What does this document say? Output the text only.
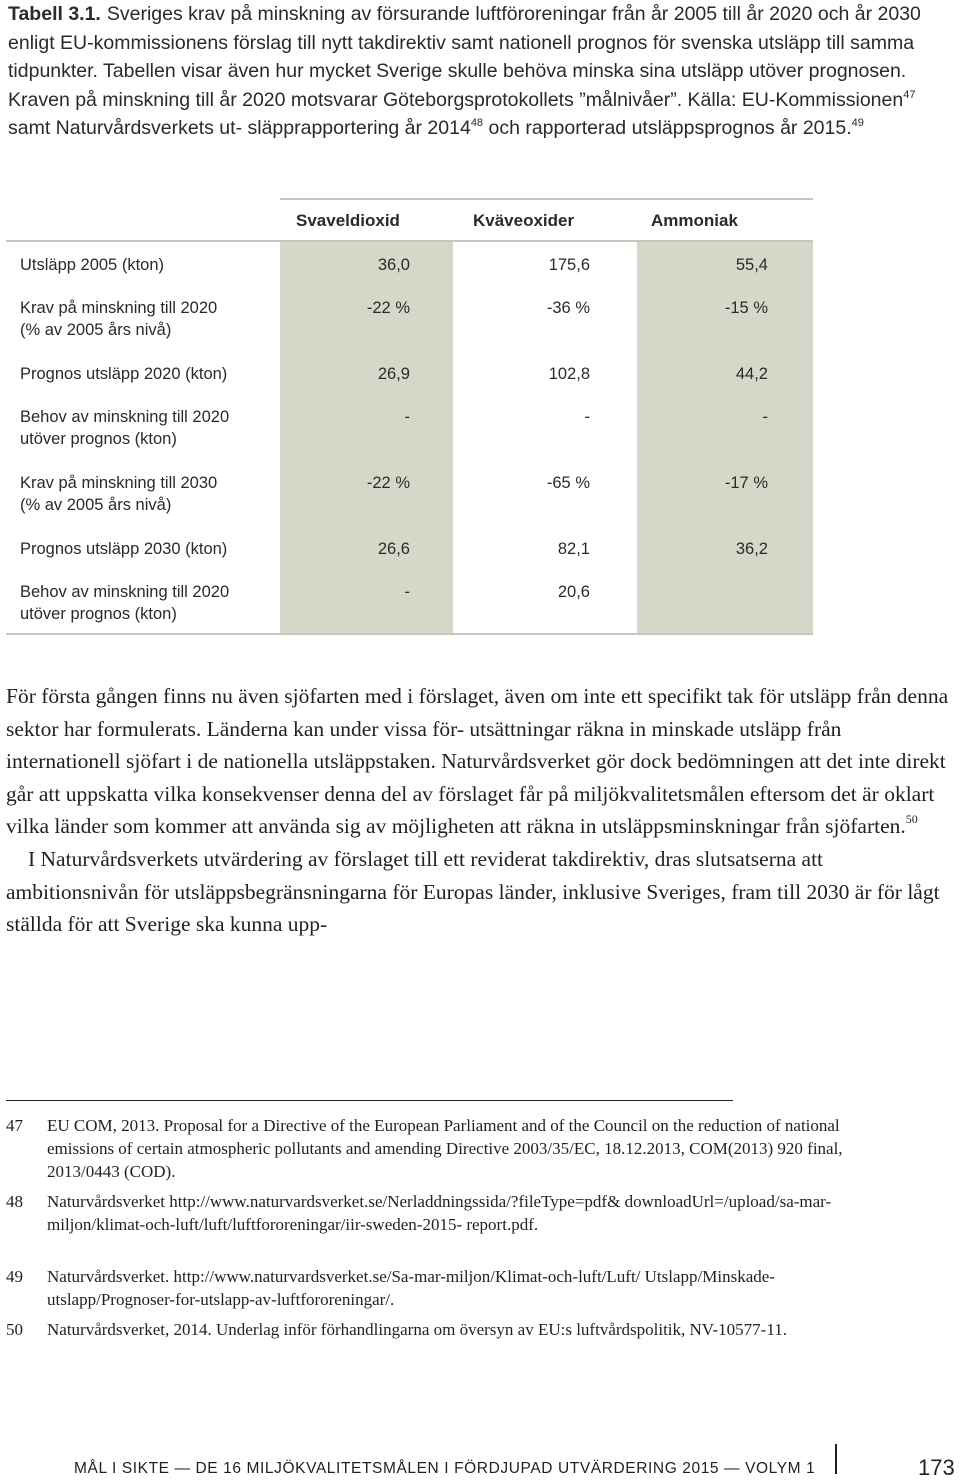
Tabell 3.1. Sveriges krav på minskning av försurande luftföroreningar från år 2005 till år 2020 och år 2030 enligt EU-kommissionens förslag till nytt takdirektiv samt nationell prognos för svenska utsläpp till samma tidpunkter. Tabellen visar även hur mycket Sverige skulle behöva minska sina utsläpp utöver prognosen. Kraven på minskning till år 2020 motsvarar Göteborgsprotokollets ”målnivåer”. Källa: EU-Kommissionen$^{47}$ samt Naturvårdsverkets ut- släpprapportering år 2014$^{48}$ och rapporterad utsläppsprognos år 2015.49

Svaveldioxid	Kväveoxider	Ammoniak
Utsläpp 2005 (kton)	36,0	175,6	55,4
Krav på minskning till 2020
(% av 2005 års nivå)
-22 %	-36 %	-15 %
Prognos utsläpp 2020 (kton)	26,9	102,8	44,2
Behov av minskning till 2020
utöver prognos (kton)
-	-	-
Krav på minskning till 2030
(% av 2005 års nivå)
-22 %	-65 %	-17 %
Prognos utsläpp 2030 (kton)	26,6	82,1	36,2
Behov av minskning till 2020
utöver prognos (kton)
-	20,6

För första gången finns nu även sjöfarten med i förslaget, även om inte ett specifikt tak för utsläpp från denna sektor har formulerats. Länderna kan under vissa för- utsättningar räkna in minskade utsläpp från internationell sjöfart i de nationella utsläppstaken. Naturvårdsverket gör dock bedömningen att det inte direkt går att uppskatta vilka konsekvenser denna del av förslaget får på miljökvalitetsmålen eftersom det är oklart vilka länder som kommer att använda sig av möjligheten att räkna in utsläppsminskningar från sjöfarten.$^{50}$

I Naturvårdsverkets utvärdering av förslaget till ett reviderat takdirektiv, dras slutsatserna att ambitionsnivån för utsläppsbegränsningarna för Europas länder, inklusive Sveriges, fram till 2030 är för lågt ställda för att Sverige ska kunna upp-

47 EU COM, 2013. Proposal for a Directive of the European Parliament and of the Council on the reduction of national emissions of certain atmospheric pollutants and amending Directive 2003/35/EC, 18.12.2013, COM(2013) 920 final, 2013/0443 (COD).
48 Naturvårdsverket http://www.naturvardsverket.se/Nerladdningssida/?fileType=pdf& downloadUrl=/upload/sa-mar-miljon/klimat-och-luft/luft/luftfororeningar/iir-sweden-2015- report.pdf.
49 Naturvårdsverket. http://www.naturvardsverket.se/Sa-mar-miljon/Klimat-och-luft/Luft/ Utslapp/Minskade-utslapp/Prognoser-for-utslapp-av-luftfororeningar/.
50 Naturvårdsverket, 2014. Underlag inför förhandlingarna om översyn av EU:s luftvårdspolitik, NV-10577-11.
MÅL I SIKTE — DE 16 MILJÖKVALITETSMÅLEN I FÖRDJUPAD UTVÄRDERING 2015 — VOLYM 1	173
